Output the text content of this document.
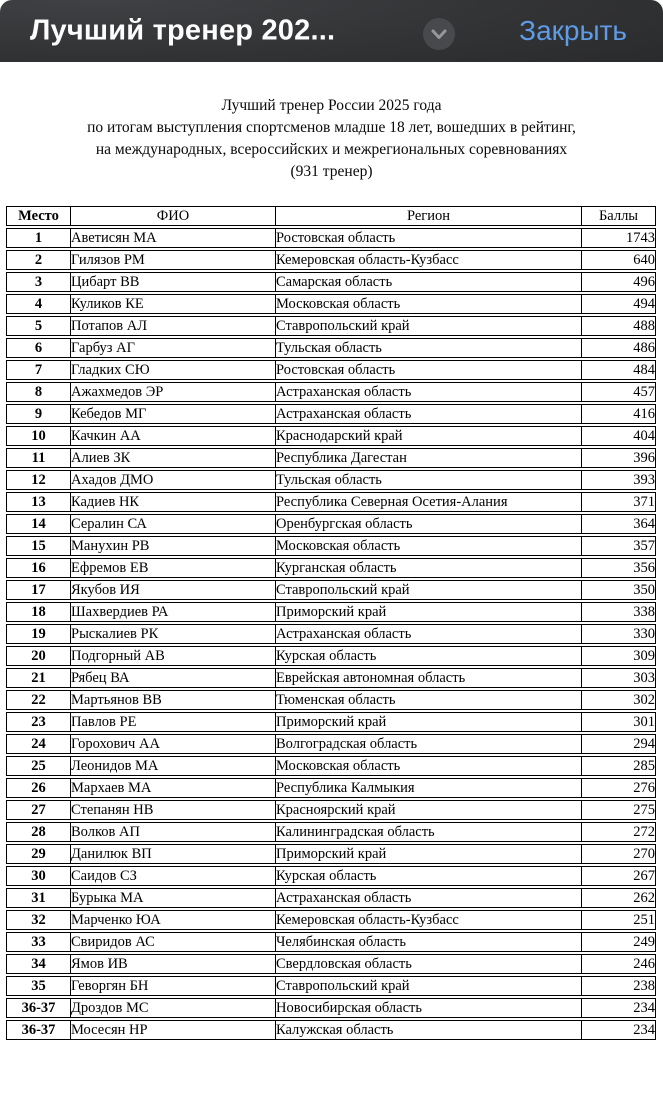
Лучший тренер 202...	Закрыть
Лучший тренер России 2025 года
по итогам выступления спортсменов младше 18 лет, вошедших в рейтинг,
на международных, всероссийских и межрегиональных соревнованиях
(931 тренер)
Место	ФИО	Регион	Баллы
1	Аветисян МА	Ростовская область	1743
2	Гилязов РМ	Кемеровская область-Кузбасс	640
3	Цибарт ВВ	Самарская область	496
4	Куликов КЕ	Московская область	494
5	Потапов АЛ	Ставропольский край	488
6	Гарбуз АГ	Тульская область	486
7	Гладких СЮ	Ростовская область	484
8	Ажахмедов ЭР	Астраханская область	457
9	Кебедов МГ	Астраханская область	416
10	Качкин АА	Краснодарский край	404
11	Алиев ЗК	Республика Дагестан	396
12	Ахадов ДМО	Тульская область	393
13	Кадиев НК	Республика Северная Осетия-Алания	371
14	Сералин СА	Оренбургская область	364
15	Манухин РВ	Московская область	357
16	Ефремов ЕВ	Курганская область	356
17	Якубов ИЯ	Ставропольский край	350
18	Шахвердиев РА	Приморский край	338
19	Рыскалиев РК	Астраханская область	330
20	Подгорный АВ	Курская область	309
21	Рябец ВА	Еврейская автономная область	303
22	Мартьянов ВВ	Тюменская область	302
23	Павлов РЕ	Приморский край	301
24	Горохович АА	Волгоградская область	294
25	Леонидов МА	Московская область	285
26	Мархаев МА	Республика Калмыкия	276
27	Степанян НВ	Красноярский край	275
28	Волков АП	Калининградская область	272
29	Данилюк ВП	Приморский край	270
30	Саидов СЗ	Курская область	267
31	Бурыка МА	Астраханская область	262
32	Марченко ЮА	Кемеровская область-Кузбасс	251
33	Свиридов АС	Челябинская область	249
34	Ямов ИВ	Свердловская область	246
35	Геворгян БН	Ставропольский край	238
36-37	Дроздов МС	Новосибирская область	234
36-37	Мосесян НР	Калужская область	234
